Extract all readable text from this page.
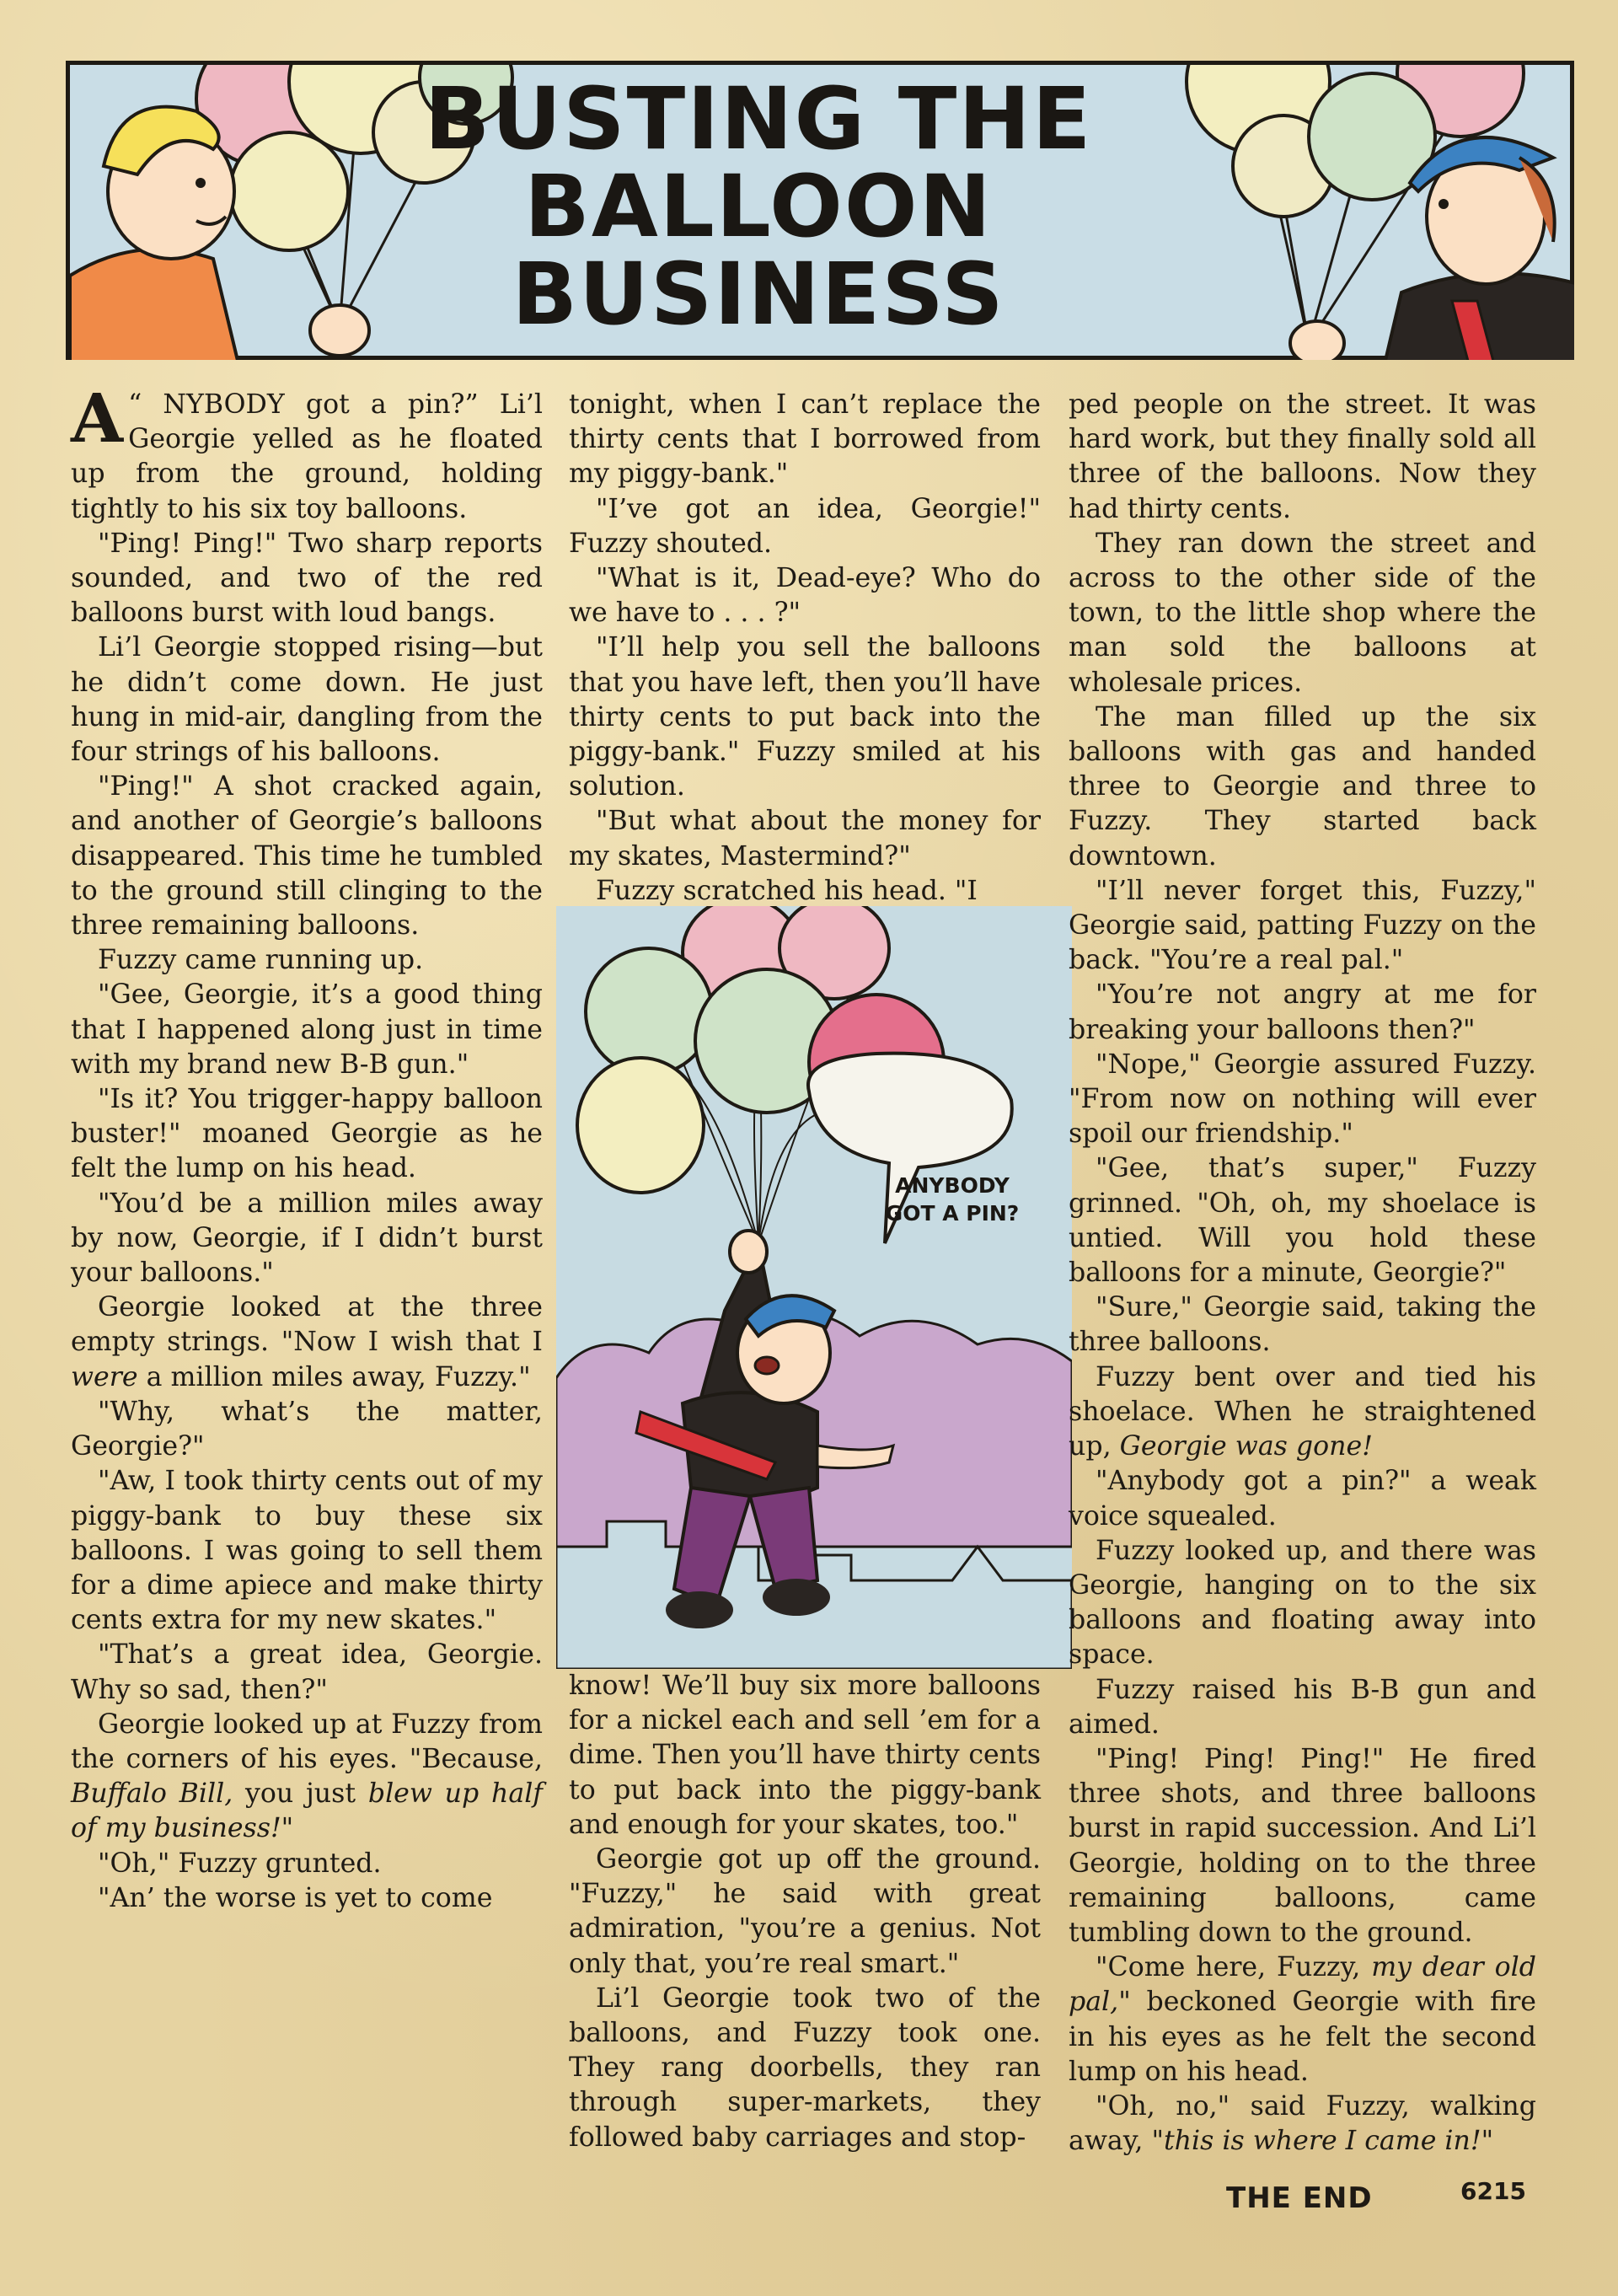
BUSTING THE
BALLOON BUSINESS

A “ NYBODY got a pin?” Li’l Georgie yelled as he floated up from the ground, holding tightly to his six toy balloons.

"Ping! Ping!" Two sharp reports sounded, and two of the red balloons burst with loud bangs.

Li’l Georgie stopped rising—but he didn’t come down. He just hung in mid-air, dangling from the four strings of his balloons.

"Ping!" A shot cracked again, and another of Georgie’s balloons disappeared. This time he tumbled to the ground still clinging to the three remaining balloons.

Fuzzy came running up.

"Gee, Georgie, it’s a good thing that I happened along just in time with my brand new B-B gun."

"Is it? You trigger-happy balloon buster!" moaned Georgie as he felt the lump on his head.

"You’d be a million miles away by now, Georgie, if I didn’t burst your balloons."

Georgie looked at the three empty strings. "Now I wish that I were a million miles away, Fuzzy."

"Why, what’s the matter, Georgie?"

"Aw, I took thirty cents out of my piggy-bank to buy these six balloons. I was going to sell them for a dime apiece and make thirty cents extra for my new skates."

"That’s a great idea, Georgie. Why so sad, then?"

Georgie looked up at Fuzzy from the corners of his eyes. "Because, Buffalo Bill, you just blew up half of my business!"

"Oh," Fuzzy grunted.

"An’ the worse is yet to come

tonight, when I can’t replace the thirty cents that I borrowed from my piggy-bank."

"I’ve got an idea, Georgie!" Fuzzy shouted.

"What is it, Dead-eye? Who do we have to . . . ?"

"I’ll help you sell the balloons that you have left, then you’ll have thirty cents to put back into the piggy-bank." Fuzzy smiled at his solution.

"But what about the money for my skates, Mastermind?"

Fuzzy scratched his head. "I

know! We’ll buy six more balloons for a nickel each and sell ’em for a dime. Then you’ll have thirty cents to put back into the piggy-bank and enough for your skates, too."

Georgie got up off the ground. "Fuzzy," he said with great admiration, "you’re a genius. Not only that, you’re real smart."

Li’l Georgie took two of the balloons, and Fuzzy took one. They rang doorbells, they ran through super-markets, they followed baby carriages and stop-

ANYBODY
GOT A PIN?

ped people on the street. It was hard work, but they finally sold all three of the balloons. Now they had thirty cents.

They ran down the street and across to the other side of the town, to the little shop where the man sold the balloons at wholesale prices.

The man filled up the six balloons with gas and handed three to Georgie and three to Fuzzy. They started back downtown.

"I’ll never forget this, Fuzzy," Georgie said, patting Fuzzy on the back. "You’re a real pal."

"You’re not angry at me for breaking your balloons then?"

"Nope," Georgie assured Fuzzy. "From now on nothing will ever spoil our friendship."

"Gee, that’s super," Fuzzy grinned. "Oh, oh, my shoelace is untied. Will you hold these balloons for a minute, Georgie?"

"Sure," Georgie said, taking the three balloons.

Fuzzy bent over and tied his shoelace. When he straightened up, Georgie was gone!

"Anybody got a pin?" a weak voice squealed.

Fuzzy looked up, and there was Georgie, hanging on to the six balloons and floating away into space.

Fuzzy raised his B-B gun and aimed.

"Ping! Ping! Ping!" He fired three shots, and three balloons burst in rapid succession. And Li’l Georgie, holding on to the three remaining balloons, came tumbling down to the ground.

"Come here, Fuzzy, my dear old pal," beckoned Georgie with fire in his eyes as he felt the second lump on his head.

"Oh, no," said Fuzzy, walking away, "this is where I came in!"

THE END	6215
